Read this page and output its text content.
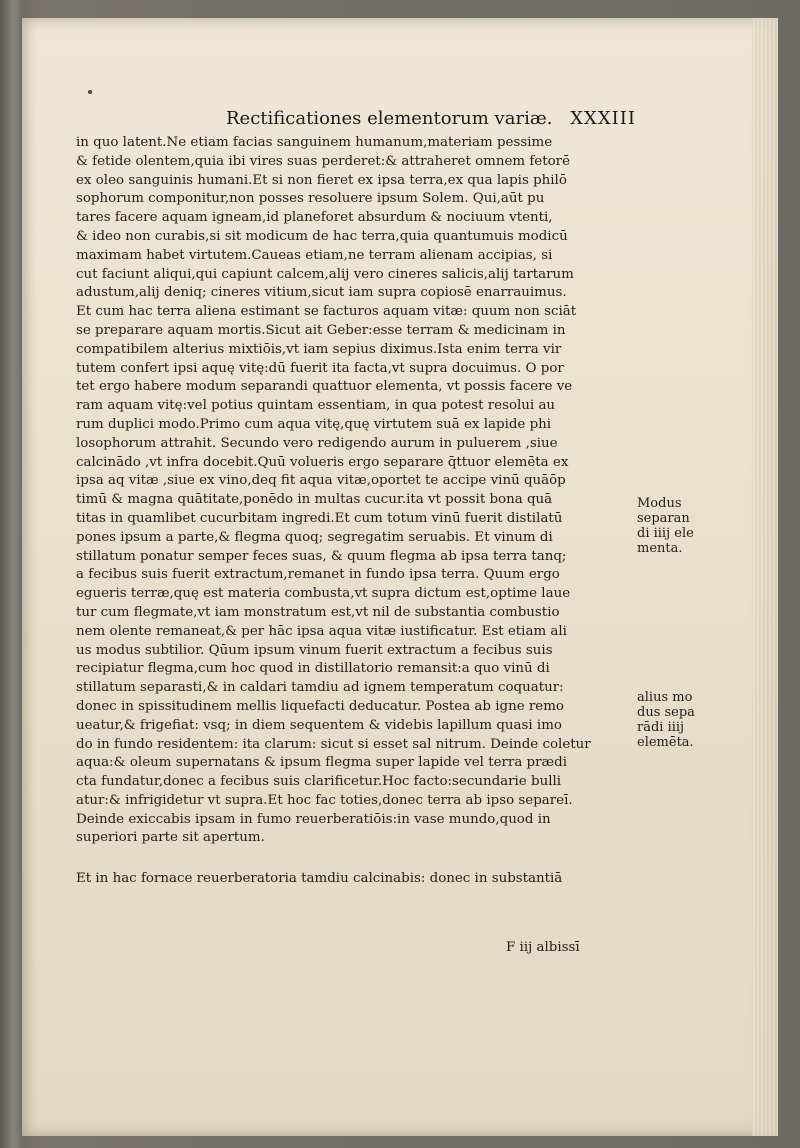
Rectificationes elementorum variæ. XXXIII
in quo latent.Ne etiam facias sanguinem humanum,materiam pessime
& fetide olentem,quia ibi vires suas perderet:& attraheret omnem fetorē
ex oleo sanguinis humani.Et si non fieret ex ipsa terra,ex qua lapis philō
sophorum componitur,non posses resoluere ipsum Solem. Qui,aūt pu
tares facere aquam igneam,id planeforet absurdum & nociuum vtenti,
& ideo non curabis,si sit modicum de hac terra,quia quantumuis modicū
maximam habet virtutem.Caueas etiam,ne terram alienam accipias, si
cut faciunt aliqui,qui capiunt calcem,alij vero cineres salicis,alij tartarum
adustum,alij deniq; cineres vitium,sicut iam supra copiosē enarrauimus.
Et cum hac terra aliena estimant se facturos aquam vitæ: quum non sciāt
se preparare aquam mortis.Sicut ait Geber:esse terram & medicinam in
compatibilem alterius mixtiōis,vt iam sepius diximus.Ista enim terra vir
tutem confert ipsi aquę vitę:dū fuerit ita facta,vt supra docuimus. O por
tet ergo habere modum separandi quattuor elementa, vt possis facere ve
ram aquam vitę:vel potius quintam essentiam, in qua potest resolui au
rum duplici modo.Primo cum aqua vitę,quę virtutem suā ex lapide phi
losophorum attrahit. Secundo vero redigendo aurum in puluerem ,siue
calcinādo ,vt infra docebit.Quū volueris ergo separare q̄ttuor elemēta ex
ipsa aq vitæ ,siue ex vino,deq fit aqua vitæ,oportet te accipe vinū quāōp
timū & magna quātitate,ponēdo in multas cucur.ita vt possit bona quā
titas in quamlibet cucurbitam ingredi.Et cum totum vinū fuerit distilatū
pones ipsum a parte,& flegma quoq; segregatim seruabis. Et vinum di
stillatum ponatur semper feces suas, & quum flegma ab ipsa terra tanq;
a fecibus suis fuerit extractum,remanet in fundo ipsa terra. Quum ergo
egueris terræ,quę est materia combusta,vt supra dictum est,optime laue
tur cum flegmate,vt iam monstratum est,vt nil de substantia combustio
nem olente remaneat,& per hāc ipsa aqua vitæ iustificatur. Est etiam ali
us modus subtilior. Qūum ipsum vinum fuerit extractum a fecibus suis
recipiatur flegma,cum hoc quod in distillatorio remansit:a quo vinū di
stillatum separasti,& in caldari tamdiu ad ignem temperatum coquatur:
donec in spissitudinem mellis liquefacti deducatur. Postea ab igne remo
ueatur,& frigefiat: vsq; in diem sequentem & videbis lapillum quasi imo
do in fundo residentem: ita clarum: sicut si esset sal nitrum. Deinde coletur
aqua:& oleum supernatans & ipsum flegma super lapide vel terra prædi
cta fundatur,donec a fecibus suis clarificetur.Hoc facto:secundarie bulli
atur:& infrigidetur vt supra.Et hoc fac toties,donec terra ab ipso separeī.
Deinde exiccabis ipsam in fumo reuerberatiōis:in vase mundo,quod in
superiori parte sit apertum.
Et in hac fornace reuerberatoria tamdiu calcinabis: donec in substantiā
F iij albissī
Modus
separan
di iiij ele
menta.
alius mo
dus sepa
rādi iiij
elemēta.
